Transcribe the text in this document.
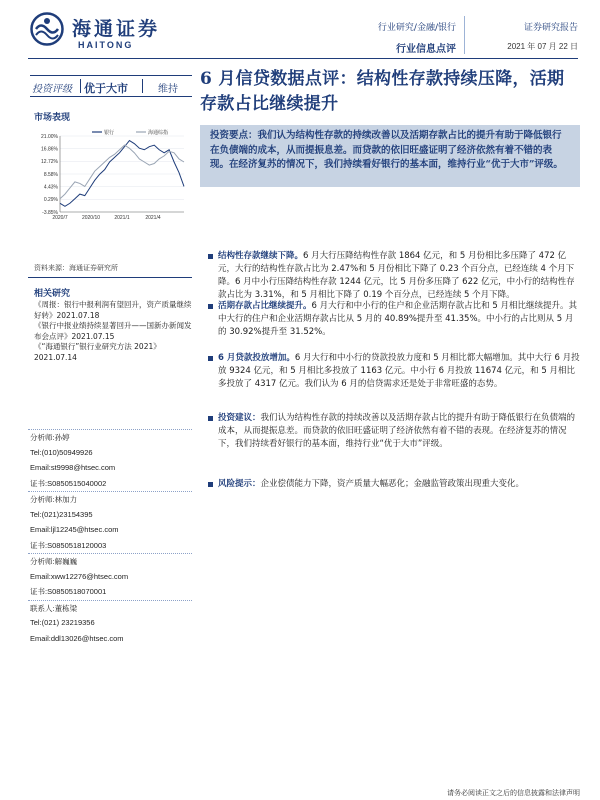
海通证券
HAITONG
行业研究/金融/银行
行业信息点评
证券研究报告
2021 年 07 月 22 日
投资评级 优于大市	维持
市场表现
-3.85%
0.29%
4.43%
8.58%
12.72%
16.86%
21.00%
2020/7	2020/10	2021/1	2021/4
银行	海通综指
资料来源：海通证券研究所
相关研究
《周报：银行中报利润有望回升，资产质量继续好转》2021.07.18
《银行中报业绩持续显著回升——国新办新闻发布会点评》2021.07.15
《“海通银行”银行业研究方法 2021》2021.07.14
分析师:孙婷
Tel:(010)50949926
Email:st9998@htsec.com
证书:S0850515040002
分析师:林加力
Tel:(021)23154395
Email:ljl12245@htsec.com
证书:S0850518120003
分析师:解巍巍
Email:xww12276@htsec.com
证书:S0850518070001
联系人:董栋梁
Tel:(021) 23219356
Email:ddl13026@htsec.com
6 月信贷数据点评：结构性存款持续压降，活期存款占比继续提升
投资要点：我们认为结构性存款的持续改善以及活期存款占比的提升有助于降低银行在负债端的成本，从而提振息差。而贷款的依旧旺盛证明了经济依然有着不错的表现。在经济复苏的情况下，我们持续看好银行的基本面，维持行业“优于大市”评级。
结构性存款继续下降。6 月大行压降结构性存款 1864 亿元，和 5 月份相比多压降了 472 亿元，大行的结构性存款占比为 2.47%和 5 月份相比下降了 0.23 个百分点，已经连续 4 个月下降。6 月中小行压降结构性存款 1244 亿元，比 5 月份多压降了 622 亿元，中小行的结构性存款占比为 3.31%，和 5 月相比下降了 0.19 个百分点，已经连续 5 个月下降。
活期存款占比继续提升。6 月大行和中小行的住户和企业活期存款占比和 5 月相比继续提升。其中大行的住户和企业活期存款占比从 5 月的 40.89%提升至 41.35%。中小行的占比则从 5 月的 30.92%提升至 31.52%。
6 月贷款投放增加。6 月大行和中小行的贷款投放力度和 5 月相比都大幅增加。其中大行 6 月投放 9324 亿元，和 5 月相比多投放了 1163 亿元。中小行 6 月投放 11674 亿元，和 5 月相比多投放了 4317 亿元。我们认为 6 月的信贷需求还是处于非常旺盛的态势。
投资建议：我们认为结构性存款的持续改善以及活期存款占比的提升有助于降低银行在负债端的成本，从而提振息差。而贷款的依旧旺盛证明了经济依然有着不错的表现。在经济复苏的情况下，我们持续看好银行的基本面，维持行业“优于大市”评级。
风险提示：企业偿债能力下降，资产质量大幅恶化；金融监管政策出现重大变化。
请务必阅读正文之后的信息披露和法律声明
